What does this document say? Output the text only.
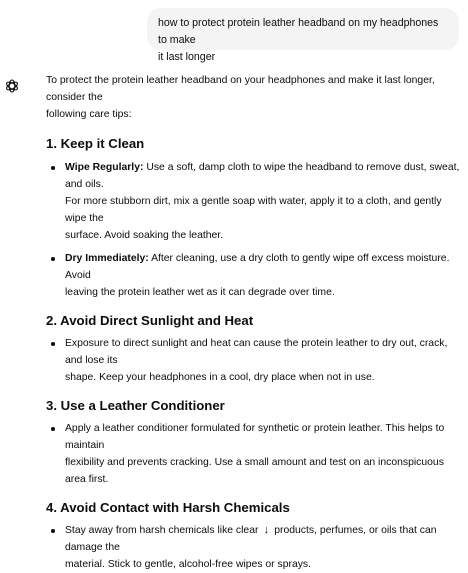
how to protect protein leather headband on my headphones to make
it last longer

To protect the protein leather headband on your headphones and make it last longer, consider the
following care tips:

1. Keep it Clean
Wipe Regularly: Use a soft, damp cloth to wipe the headband to remove dust, sweat, and oils.
For more stubborn dirt, mix a gentle soap with water, apply it to a cloth, and gently wipe the
surface. Avoid soaking the leather.
Dry Immediately: After cleaning, use a dry cloth to gently wipe off excess moisture. Avoid
leaving the protein leather wet as it can degrade over time.
2. Avoid Direct Sunlight and Heat
Exposure to direct sunlight and heat can cause the protein leather to dry out, crack, and lose its
shape. Keep your headphones in a cool, dry place when not in use.
3. Use a Leather Conditioner
Apply a leather conditioner formulated for synthetic or protein leather. This helps to maintain
flexibility and prevents cracking. Use a small amount and test on an inconspicuous area first.
4. Avoid Contact with Harsh Chemicals
Stay away from harsh chemicals like clear ↓ products, perfumes, or oils that can damage the
material. Stick to gentle, alcohol-free wipes or sprays.
